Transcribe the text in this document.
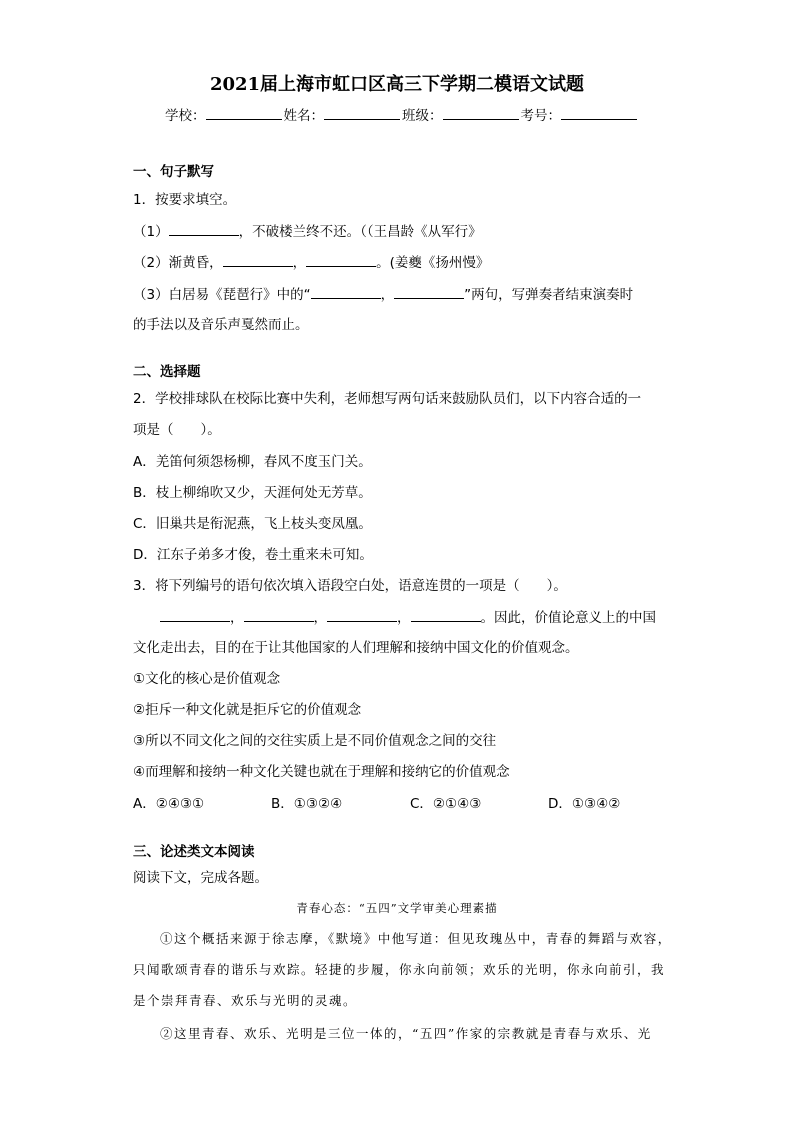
2021届上海市虹口区高三下学期二模语文试题
学校：	姓名：	班级：	考号：
一、句子默写
1．按要求填空。
（1）	，不破楼兰终不还。（（王昌龄《从军行》
（2）渐黄昏，	，	。(姜夔《扬州慢》
（3）白居易《琵琶行》中的“	，	”两句，写弹奏者结束演奏时
的手法以及音乐声戛然而止。
二、选择题
2．学校排球队在校际比赛中失利，老师想写两句话来鼓励队员们，以下内容合适的一
项是（　　）。
A．羌笛何须怨杨柳，春风不度玉门关。
B．枝上柳绵吹又少，天涯何处无芳草。
C．旧巢共是衔泥燕，飞上枝头变凤凰。
D．江东子弟多才俊，卷土重来未可知。
3．将下列编号的语句依次填入语段空白处，语意连贯的一项是（　　）。
，	，	，	。因此，价值论意义上的中国
文化走出去，目的在于让其他国家的人们理解和接纳中国文化的价值观念。
①文化的核心是价值观念
②拒斥一种文化就是拒斥它的价值观念
③所以不同文化之间的交往实质上是不同价值观念之间的交往
④而理解和接纳一种文化关键也就在于理解和接纳它的价值观念
A．②④③①	B．①③②④	C．②①④③	D．①③④②
三、论述类文本阅读
阅读下文，完成各题。
青春心态：“五四”文学审美心理素描
①这个概括来源于徐志摩，《默境》中他写道：但见玫瑰丛中，青春的舞蹈与欢容，
只闻歌颂青春的谐乐与欢踪。轻捷的步履，你永向前领；欢乐的光明，你永向前引，我
是个崇拜青春、欢乐与光明的灵魂。
②这里青春、欢乐、光明是三位一体的，“五四”作家的宗教就是青春与欢乐、光
